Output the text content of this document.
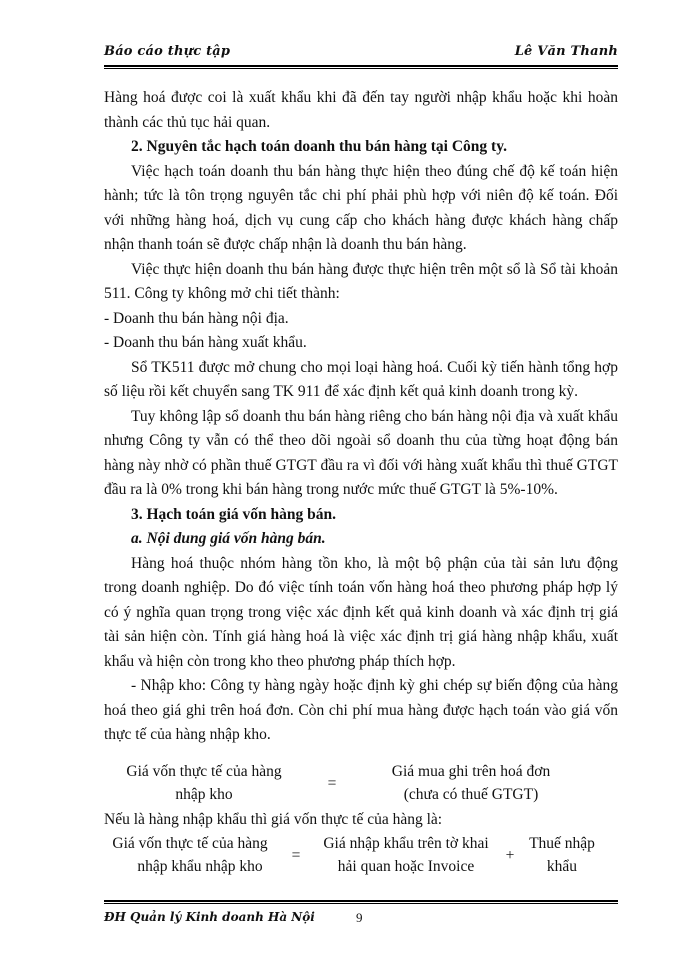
Báo cáo thực tập	Lê Văn Thanh

Hàng hoá được coi là xuất khẩu khi đã đến tay người nhập khẩu hoặc khi hoàn thành các thủ tục hải quan.

2. Nguyên tắc hạch toán doanh thu bán hàng tại Công ty.

Việc hạch toán doanh thu bán hàng thực hiện theo đúng chế độ kế toán hiện hành; tức là tôn trọng nguyên tắc chi phí phải phù hợp với niên độ kế toán. Đối với những hàng hoá, dịch vụ cung cấp cho khách hàng được khách hàng chấp nhận thanh toán sẽ được chấp nhận là doanh thu bán hàng.

Việc thực hiện doanh thu bán hàng được thực hiện trên một sổ là Sổ tài khoản 511. Công ty không mở chi tiết thành:

- Doanh thu bán hàng nội địa.

- Doanh thu bán hàng xuất khẩu.

Sổ TK511 được mở chung cho mọi loại hàng hoá. Cuối kỳ tiến hành tổng hợp số liệu rồi kết chuyển sang TK 911 để xác định kết quả kinh doanh trong kỳ.

Tuy không lập sổ doanh thu bán hàng riêng cho bán hàng nội địa và xuất khẩu nhưng Công ty vẫn có thể theo dõi ngoài sổ doanh thu của từng hoạt động bán hàng này nhờ có phần thuế GTGT đầu ra vì đối với hàng xuất khẩu thì thuế GTGT đầu ra là 0% trong khi bán hàng trong nước mức thuế GTGT là 5%-10%.

3. Hạch toán giá vốn hàng bán.

a. Nội dung giá vốn hàng bán.

Hàng hoá thuộc nhóm hàng tồn kho, là một bộ phận của tài sản lưu động trong doanh nghiệp. Do đó việc tính toán vốn hàng hoá theo phương pháp hợp lý có ý nghĩa quan trọng trong việc xác định kết quả kinh doanh và xác định trị giá tài sản hiện còn. Tính giá hàng hoá là việc xác định trị giá hàng nhập khẩu, xuất khẩu và hiện còn trong kho theo phương pháp thích hợp.

- Nhập kho: Công ty hàng ngày hoặc định kỳ ghi chép sự biến động của hàng hoá theo giá ghi trên hoá đơn. Còn chi phí mua hàng được hạch toán vào giá vốn thực tế của hàng nhập kho.

Giá vốn thực tế của hàng
nhập kho
=
Giá mua ghi trên hoá đơn
(chưa có thuế GTGT)

Nếu là hàng nhập khẩu thì giá vốn thực tế của hàng là:

Giá vốn thực tế của hàng
nhập khẩu nhập kho
=
Giá nhập khẩu trên tờ khai
hải quan hoặc Invoice
+
Thuế nhập
khẩu
ĐH Quản lý Kinh doanh Hà Nội	9
